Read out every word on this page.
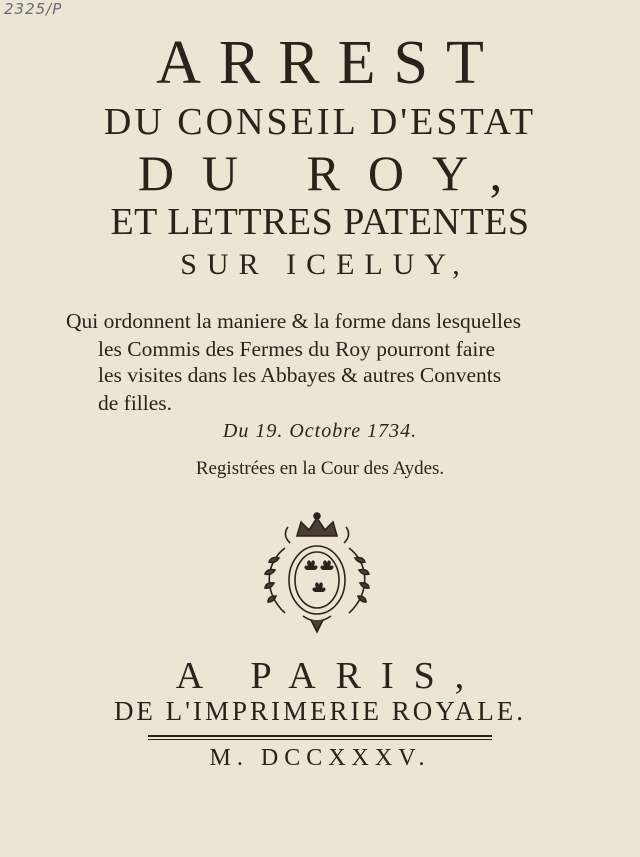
2325/P
ARREST
DU CONSEIL D'ESTAT
DU ROY,
ET LETTRES PATENTES
SUR ICELUY,
Qui ordonnent la maniere & la forme dans lesquelles
les Commis des Fermes du Roy pourront faire
les visites dans les Abbayes & autres Convents
de filles.
Du 19. Octobre 1734.
Registrées en la Cour des Aydes.
A PARIS,
DE L'IMPRIMERIE ROYALE.
M. DCCXXXV.
